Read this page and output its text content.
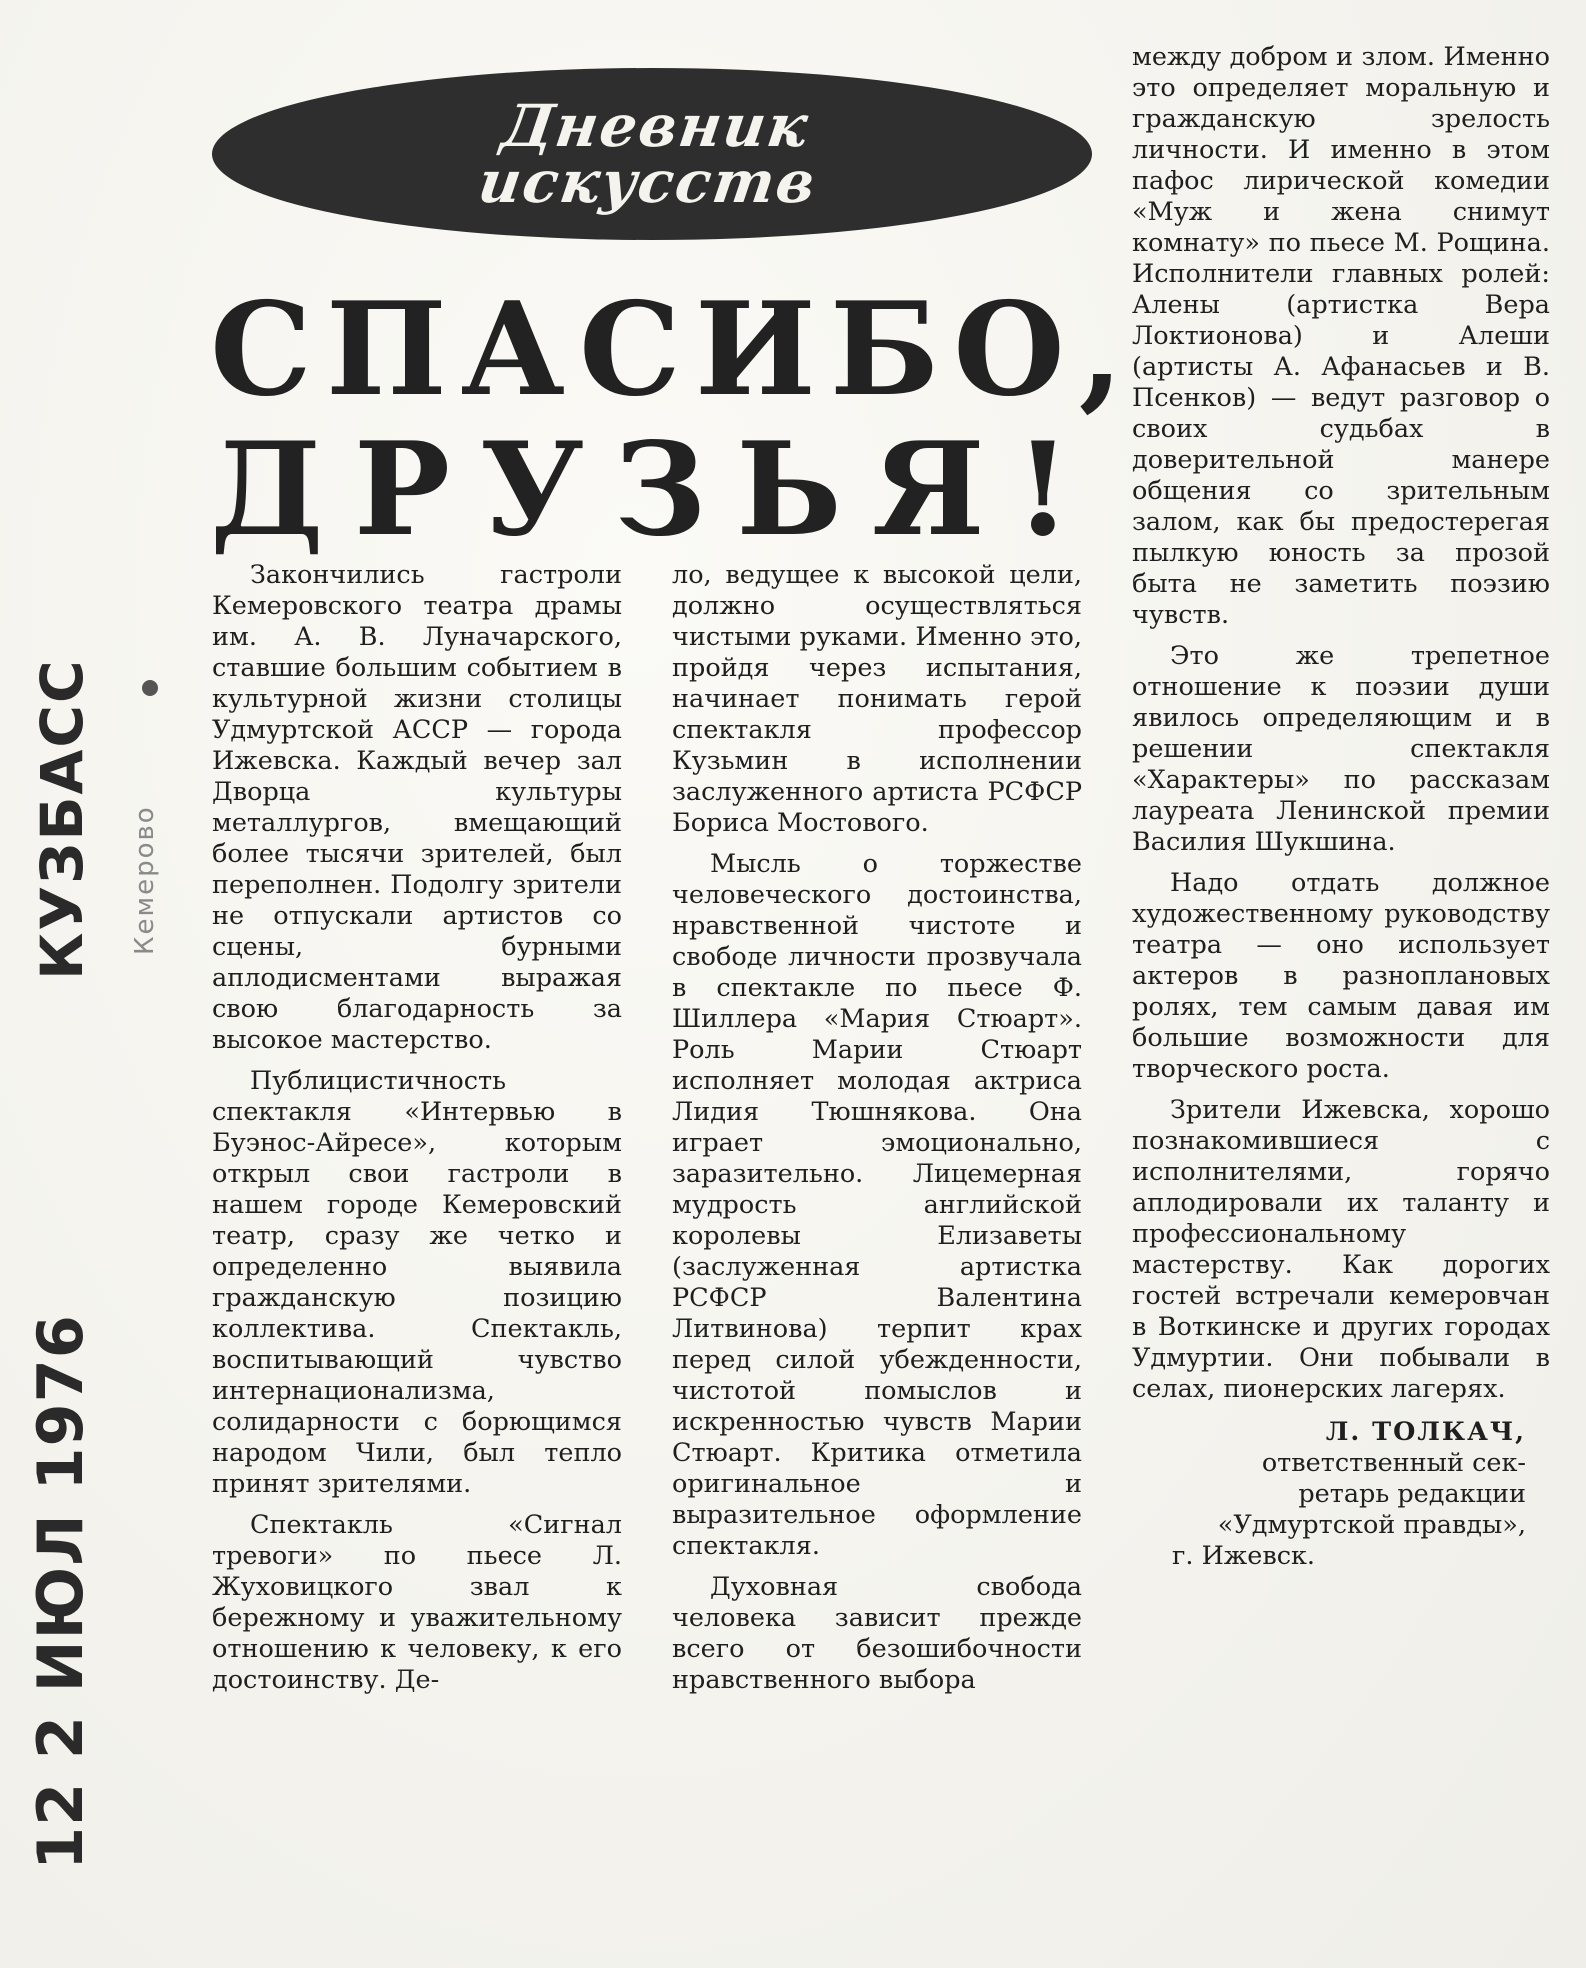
КУЗБАСС Кемерово
12 2 ИЮЛ 1976
Дневник
искусств
СПАСИБО,
ДРУЗЬЯ!

Закончились гастроли Кемеровского театра драмы им. А. В. Луначарского, ставшие большим событием в культурной жизни столицы Удмуртской АССР — города Ижевска. Каждый вечер зал Дворца культуры металлургов, вмещающий более тысячи зрителей, был переполнен. Подолгу зрители не отпускали артистов со сцены, бурными аплодисментами выражая свою благодарность за высокое мастерство.

Публицистичность спектакля «Интервью в Буэнос-Айресе», которым открыл свои гастроли в нашем городе Кемеровский театр, сразу же четко и определенно выявила гражданскую позицию коллектива. Спектакль, воспитывающий чувство интернационализма, солидарности с борющимся народом Чили, был тепло принят зрителями.

Спектакль «Сигнал тревоги» по пьесе Л. Жуховицкого звал к бережному и уважительному отношению к человеку, к его достоинству. Де-

ло, ведущее к высокой цели, должно осуществляться чистыми руками. Именно это, пройдя через испытания, начинает понимать герой спектакля профессор Кузьмин в исполнении заслуженного артиста РСФСР Бориса Мостового.

Мысль о торжестве человеческого достоинства, нравственной чистоте и свободе личности прозвучала в спектакле по пьесе Ф. Шиллера «Мария Стюарт». Роль Марии Стюарт исполняет молодая актриса Лидия Тюшнякова. Она играет эмоционально, заразительно. Лицемерная мудрость английской королевы Елизаветы (заслуженная артистка РСФСР Валентина Литвинова) терпит крах перед силой убежденности, чистотой помыслов и искренностью чувств Марии Стюарт. Критика отметила оригинальное и выразительное оформление спектакля.

Духовная свобода человека зависит прежде всего от безошибочности нравственного выбора

между добром и злом. Именно это определяет моральную и гражданскую зрелость личности. И именно в этом пафос лирической комедии «Муж и жена снимут комнату» по пьесе М. Рощина. Исполнители главных ролей: Алены (артистка Вера Локтионова) и Алеши (артисты А. Афанасьев и В. Псенков) — ведут разговор о своих судьбах в доверительной манере общения со зрительным залом, как бы предостерегая пылкую юность за прозой быта не заметить поэзию чувств.

Это же трепетное отношение к поэзии души явилось определяющим и в решении спектакля «Характеры» по рассказам лауреата Ленинской премии Василия Шукшина.

Надо отдать должное художественному руководству театра — оно использует актеров в разноплановых ролях, тем самым давая им большие возможности для творческого роста.

Зрители Ижевска, хорошо познакомившиеся с исполнителями, горячо аплодировали их таланту и профессиональному мастерству. Как дорогих гостей встречали кемеровчан в Воткинске и других городах Удмуртии. Они побывали в селах, пионерских лагерях.

Л. ТОЛКАЧ,

ответственный сек-

ретарь редакции

«Удмуртской правды»,

г. Ижевск.
